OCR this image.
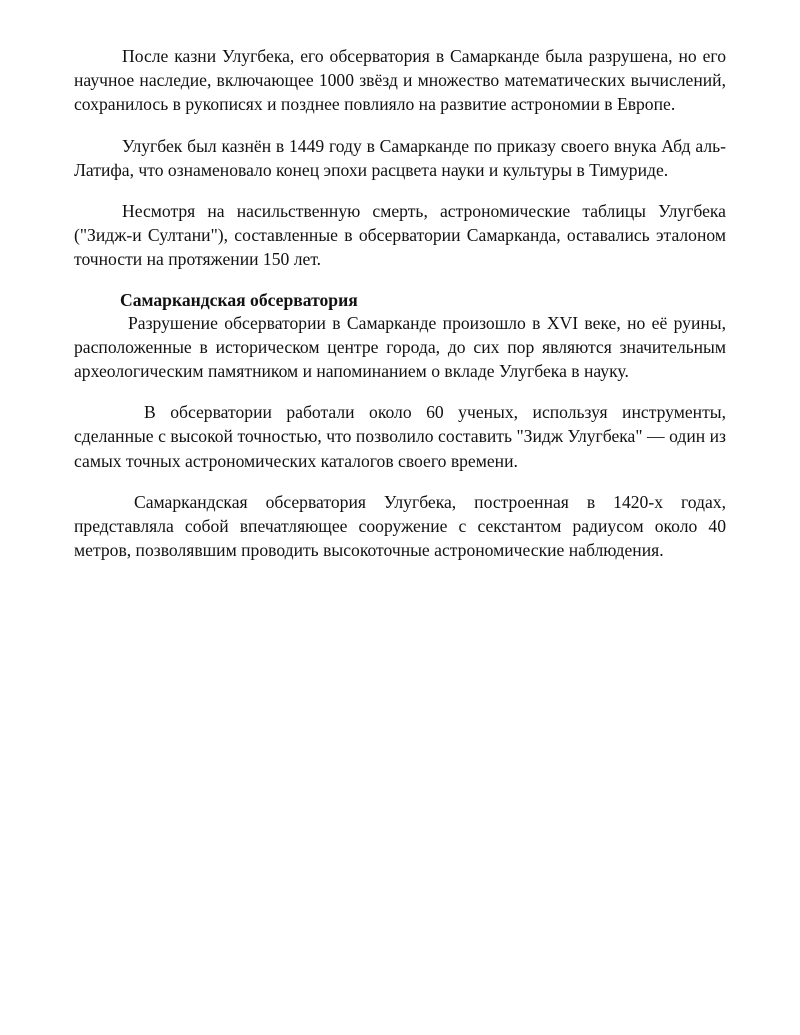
После казни Улугбека, его обсерватория в Самарканде была разрушена, но его научное наследие, включающее 1000 звёзд и множество математических вычислений, сохранилось в рукописях и позднее повлияло на развитие астрономии в Европе.

Улугбек был казнён в 1449 году в Самарканде по приказу своего внука Абд аль-Латифа, что ознаменовало конец эпохи расцвета науки и культуры в Тимуриде.

Несмотря на насильственную смерть, астрономические таблицы Улугбека ("Зидж-и Султани"), составленные в обсерватории Самарканда, оставались эталоном точности на протяжении 150 лет.

Самаркандская обсерватория

Разрушение обсерватории в Самарканде произошло в XVI веке, но её руины, расположенные в историческом центре города, до сих пор являются значительным археологическим памятником и напоминанием о вкладе Улугбека в науку.

В обсерватории работали около 60 ученых, используя инструменты, сделанные с высокой точностью, что позволило составить "Зидж Улугбека" — один из самых точных астрономических каталогов своего времени.

Самаркандская обсерватория Улугбека, построенная в 1420-х годах, представляла собой впечатляющее сооружение с секстантом радиусом около 40 метров, позволявшим проводить высокоточные астрономические наблюдения.
